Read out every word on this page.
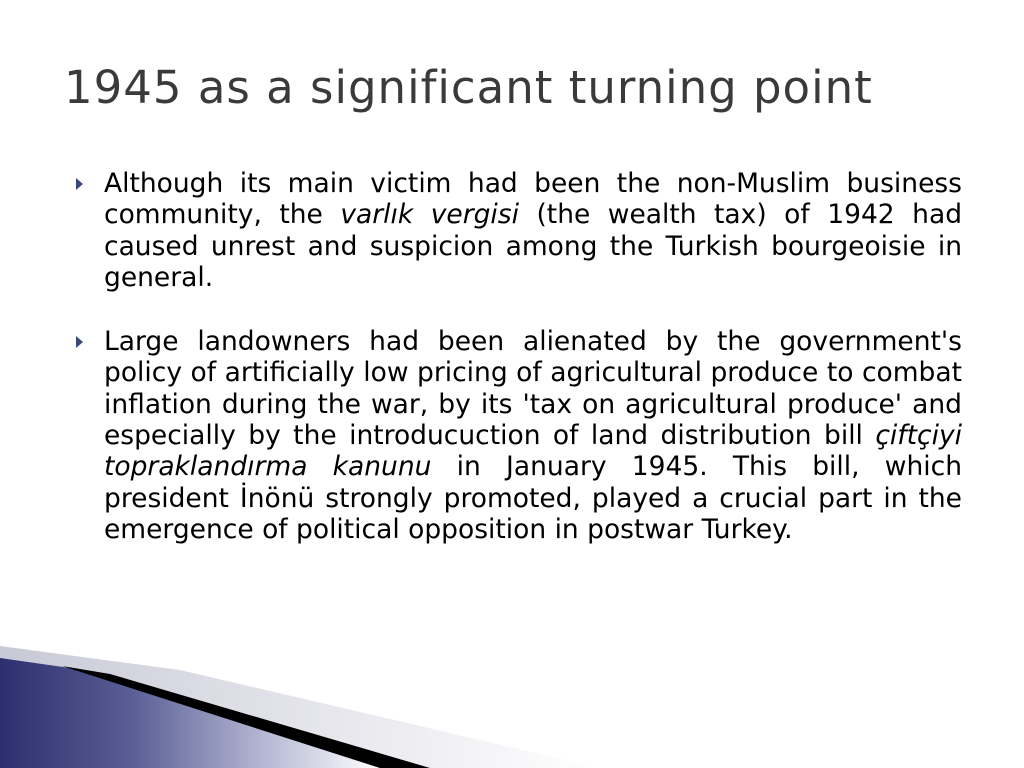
1945 as a significant turning point
Although its main victim had been the non-Muslim business community, the varlık vergisi (the wealth tax) of 1942 had caused unrest and suspicion among the Turkish bourgeoisie in general.
Large landowners had been alienated by the government's policy of artificially low pricing of agricultural produce to combat inflation during the war, by its 'tax on agricultural produce' and especially by the introducuction of land distribution bill çiftçiyi topraklandırma kanunu in January 1945. This bill, which president İnönü strongly promoted, played a crucial part in the emergence of political opposition in postwar Turkey.
